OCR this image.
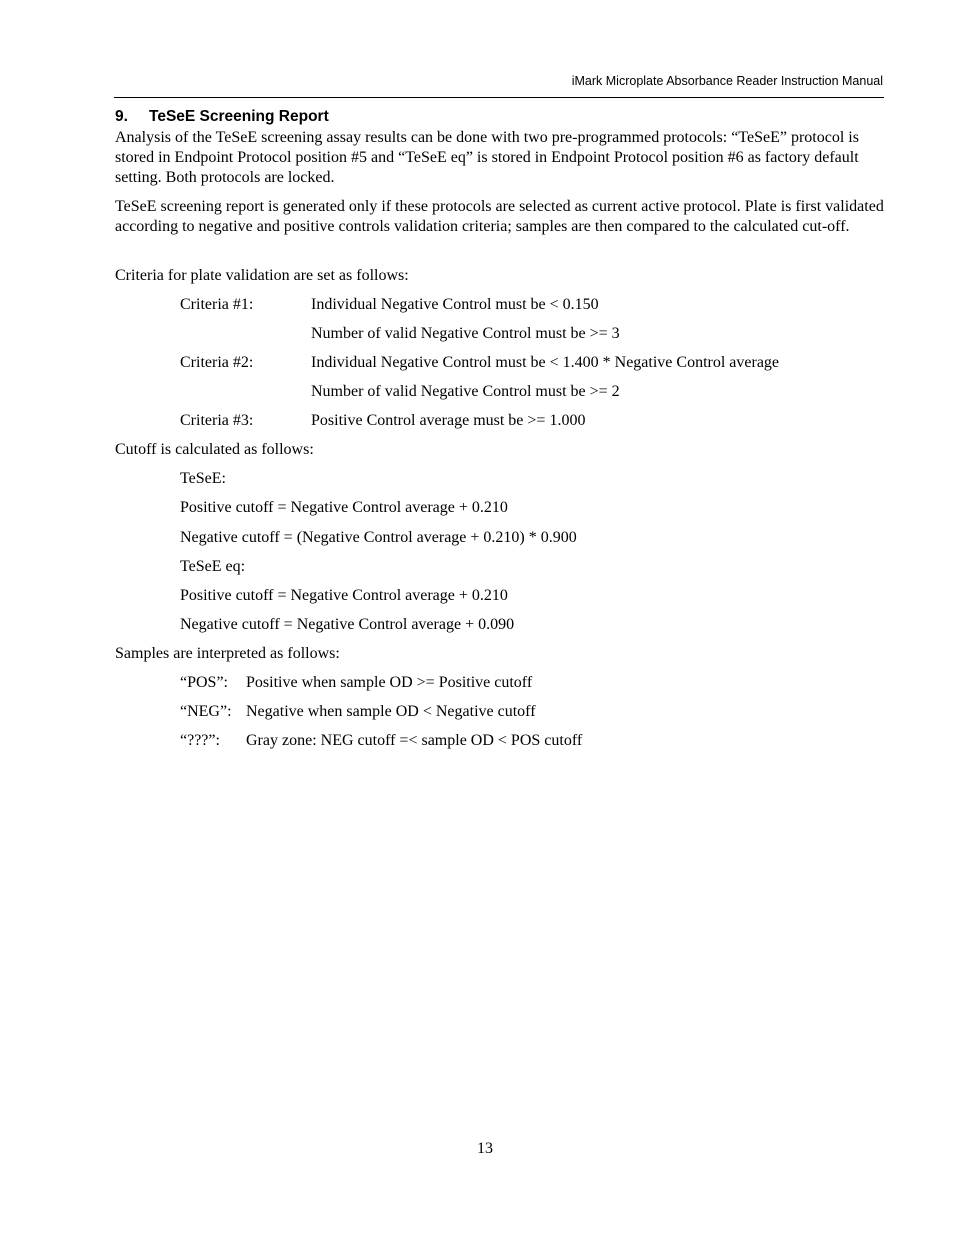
iMark Microplate Absorbance Reader Instruction Manual
9. TeSeE Screening Report
Analysis of the TeSeE screening assay results can be done with two pre-programmed protocols: “TeSeE” protocol is stored in Endpoint Protocol position #5 and “TeSeE eq” is stored in Endpoint Protocol position #6 as factory default setting. Both protocols are locked.
TeSeE screening report is generated only if these protocols are selected as current active protocol. Plate is first validated according to negative and positive controls validation criteria; samples are then compared to the calculated cut-off.
Criteria for plate validation are set as follows:
Criteria #1:	Individual Negative Control must be < 0.150
Number of valid Negative Control must be >= 3
Criteria #2:	Individual Negative Control must be < 1.400 * Negative Control average
Number of valid Negative Control must be >= 2
Criteria #3:	Positive Control average must be >= 1.000
Cutoff is calculated as follows:
TeSeE:
Positive cutoff = Negative Control average + 0.210
Negative cutoff = (Negative Control average + 0.210) * 0.900
TeSeE eq:
Positive cutoff = Negative Control average + 0.210
Negative cutoff = Negative Control average + 0.090
Samples are interpreted as follows:
“POS”: Positive when sample OD >= Positive cutoff
“NEG”: Negative when sample OD < Negative cutoff
“???”: Gray zone: NEG cutoff =< sample OD < POS cutoff
13
